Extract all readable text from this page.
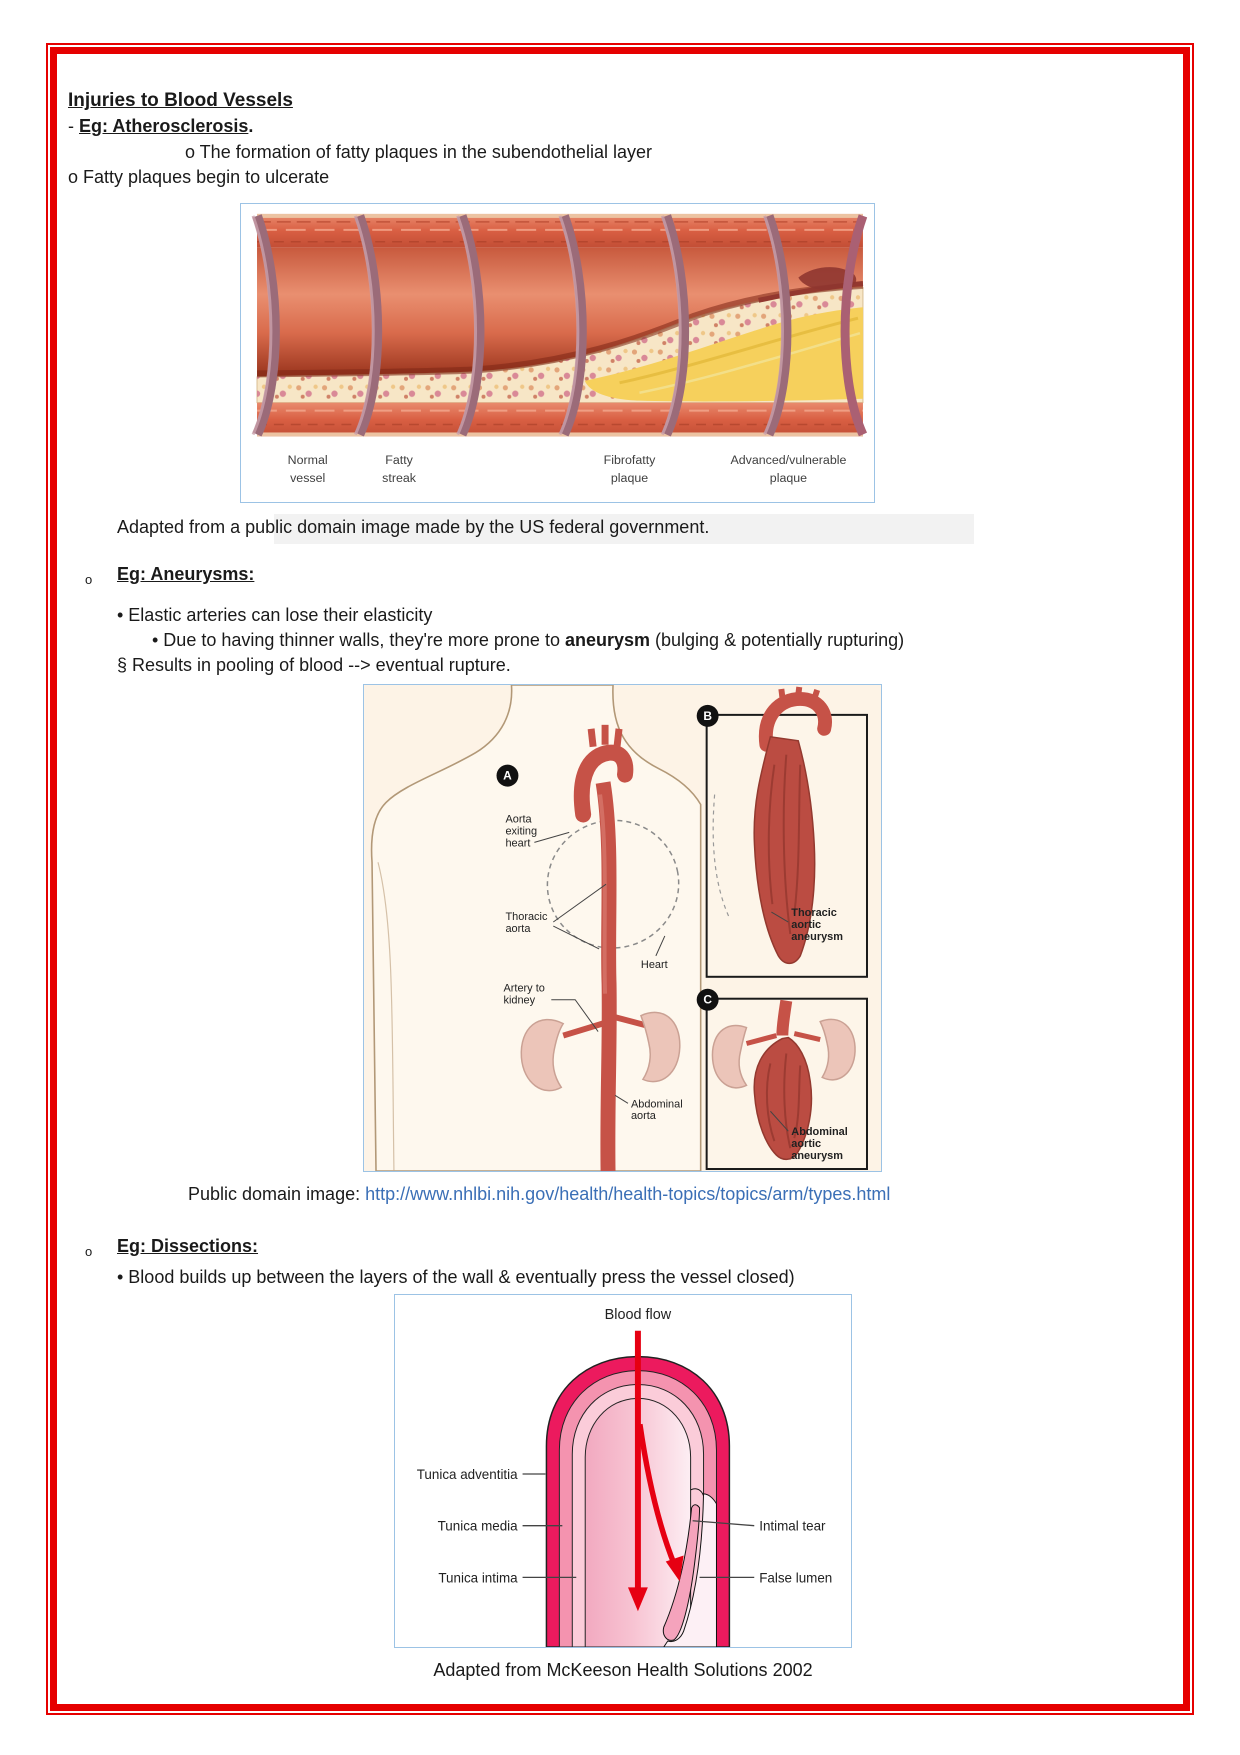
Injuries to Blood Vessels
- Eg: Atherosclerosis.
o The formation of fatty plaques in the subendothelial layer
o Fatty plaques begin to ulcerate
Normal
vessel
Fatty
streak
Fibrofatty
plaque
Advanced/vulnerable
plaque
Adapted from a public domain image made by the US federal government.
o Eg: Aneurysms:
• Elastic arteries can lose their elasticity
• Due to having thinner walls, they're more prone to aneurysm (bulging & potentially rupturing)
§ Results in pooling of blood --> eventual rupture.
A
Aorta
exiting
heart
Thoracic
aorta
Heart
Artery to
kidney
Abdominal
aorta
B
Thoracic
aortic
aneurysm
C
Abdominal
aortic
aneurysm
Public domain image: http://www.nhlbi.nih.gov/health/health-topics/topics/arm/types.html
o Eg: Dissections:
• Blood builds up between the layers of the wall & eventually press the vessel closed)
Blood flow
Tunica adventitia
Tunica media
Tunica intima
Intimal tear
False lumen
Adapted from McKeeson Health Solutions 2002
